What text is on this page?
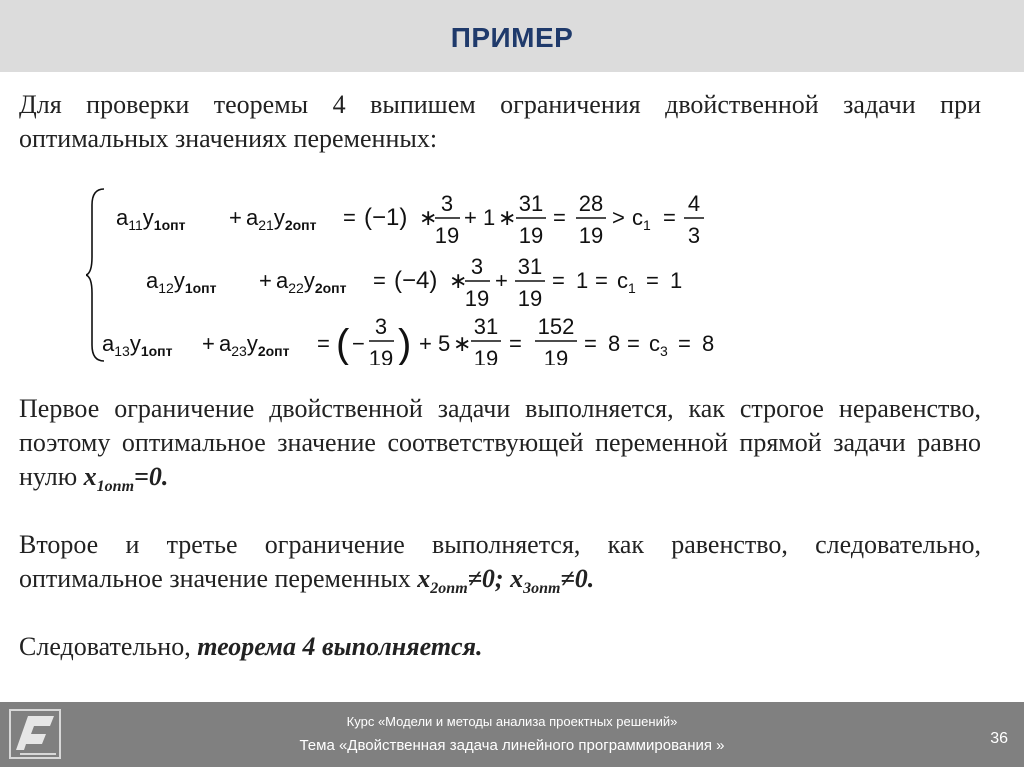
ПРИМЕР
Для проверки теоремы 4 выпишем ограничения двойственной задачи при оптимальных значениях переменных:
$a_{11}y_{1опт} + a_{21}y_{2опт} = (-1)$ ∗
3
19
+ 1 ∗
31
19
=
28
19
> $c_1$ =
4
3
$a_{12}y_{1опт} + a_{22}y_{2опт} = (-4)$ ∗
3
19
+
31
19
= $1 = c_1 = 1$
$a_{13}y_{1опт} + a_{23}y_{2опт}$ = ( −
3
19 ) + 5 ∗
31
19
=
152
19
= $8 = c_3 = 8$
Первое ограничение двойственной задачи выполняется, как строгое неравенство, поэтому оптимальное значение соответствующей переменной прямой задачи равно нулю $x_{1опт}=0$.
Второе и третье ограничение выполняется, как равенство, следовательно, оптимальное значение переменных $x_{2опт}\ne 0$; $x_{3опт}\ne 0$.
Следовательно, теорема 4 выполняется.
Курс «Модели и методы анализа проектных решений»
Тема «Двойственная задача линейного программирования »	36
